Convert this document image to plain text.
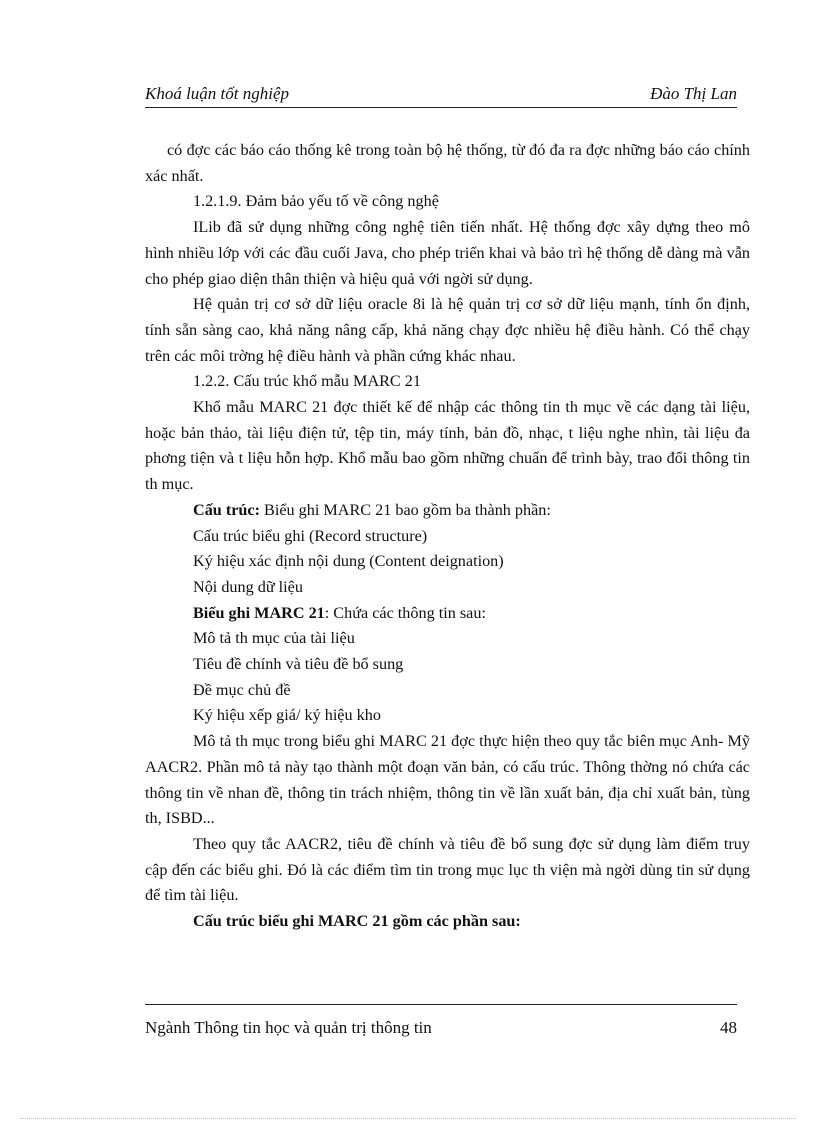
Khoá luận tốt nghiệp	Đào Thị Lan

có đợc các báo cáo thống kê trong toàn bộ hệ thống, từ đó đa ra đợc những báo cáo chính xác nhất.

1.2.1.9. Đảm bảo yếu tố về công nghệ

ILib đã sử dụng những công nghệ tiên tiến nhất. Hệ thống đợc xây dựng theo mô hình nhiều lớp với các đầu cuối Java, cho phép triển khai và bảo trì hệ thống dễ dàng mà vẫn cho phép giao diện thân thiện và hiệu quả với ngời sử dụng.

Hệ quản trị cơ sở dữ liệu oracle 8i là hệ quản trị cơ sở dữ liệu mạnh, tính ổn định, tính sẵn sàng cao, khả năng nâng cấp, khả năng chạy đợc nhiều hệ điều hành. Có thể chạy trên các môi trờng hệ điều hành và phần cứng khác nhau.

1.2.2. Cấu trúc khổ mẫu MARC 21

Khổ mẫu MARC 21 đợc thiết kế để nhập các thông tin th mục về các dạng tài liệu, hoặc bản thảo, tài liệu điện tử, tệp tin, máy tính, bản đồ, nhạc, t liệu nghe nhìn, tài liệu đa phơng tiện và t liệu hỗn hợp. Khổ mẫu bao gồm những chuẩn để trình bày, trao đổi thông tin th mục.

Cấu trúc: Biểu ghi MARC 21 bao gồm ba thành phần:
Cấu trúc biểu ghi (Record structure)
Ký hiệu xác định nội dung (Content deignation)
Nội dung dữ liệu
Biểu ghi MARC 21: Chứa các thông tin sau:
Mô tả th mục của tài liệu
Tiêu đề chính và tiêu đề bổ sung
Đề mục chủ đề
Ký hiệu xếp giá/ ký hiệu kho

Mô tả th mục trong biểu ghi MARC 21 đợc thực hiện theo quy tắc biên mục Anh- Mỹ AACR2. Phần mô tả này tạo thành một đoạn văn bản, có cấu trúc. Thông thờng nó chứa các thông tin về nhan đề, thông tin trách nhiệm, thông tin về lần xuất bản, địa chỉ xuất bản, tùng th, ISBD...

Theo quy tắc AACR2, tiêu đề chính và tiêu đề bổ sung đợc sử dụng làm điểm truy cập đến các biểu ghi. Đó là các điểm tìm tin trong mục lục th viện mà ngời dùng tin sử dụng để tìm tài liệu.

Cấu trúc biểu ghi MARC 21 gồm các phần sau:
Ngành Thông tin học và quản trị thông tin	48
